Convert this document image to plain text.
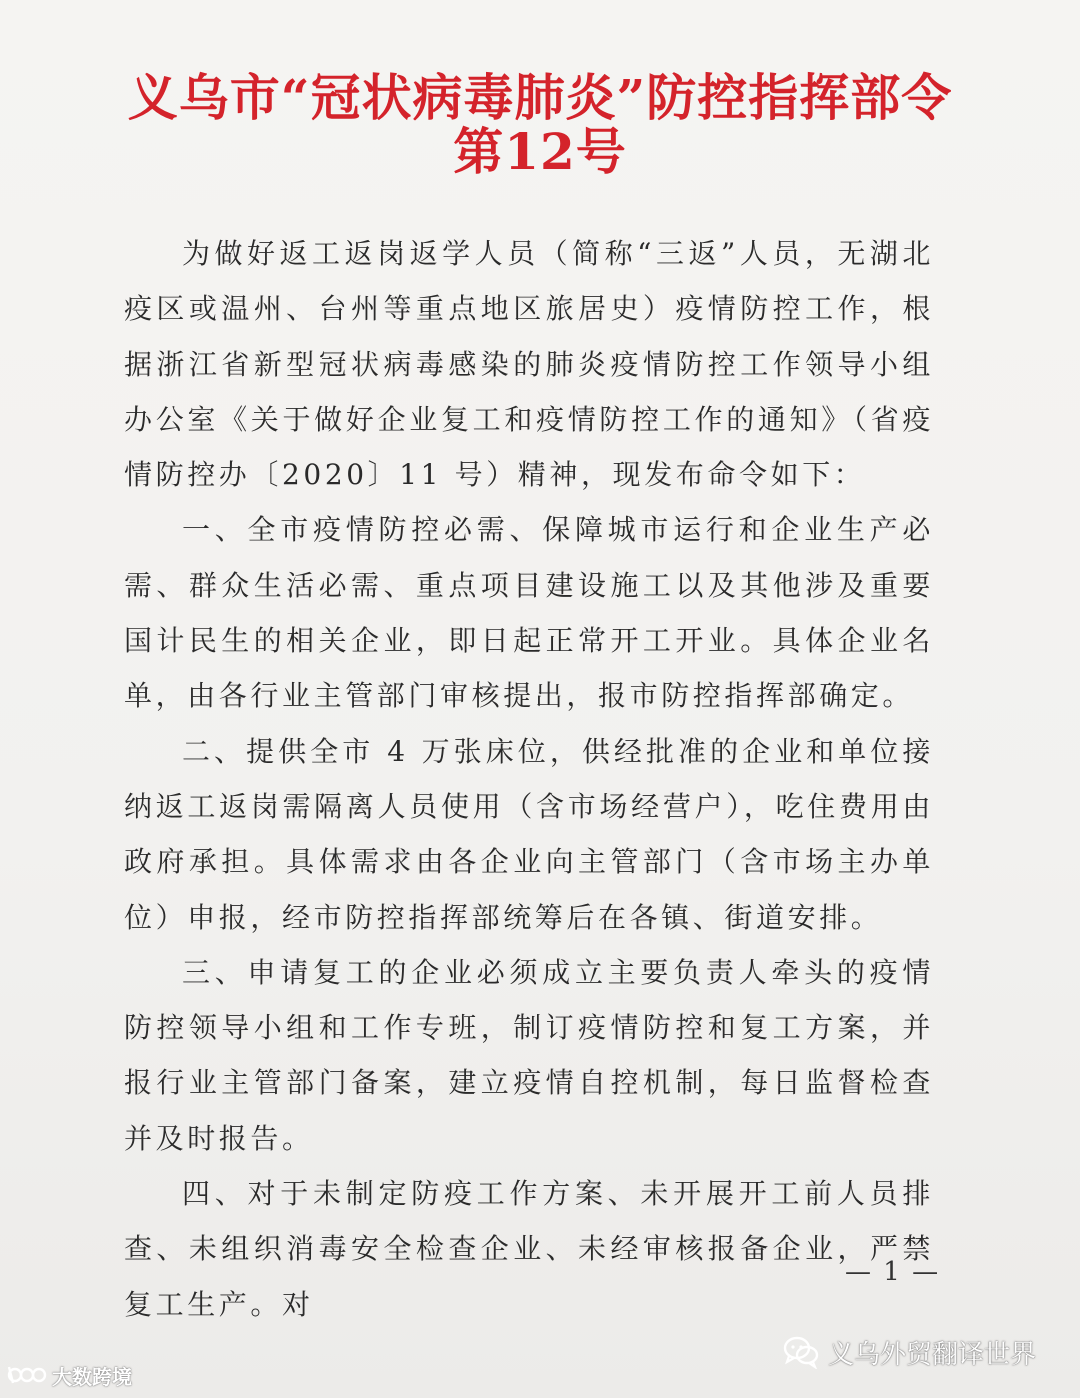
义乌市“冠状病毒肺炎”防控指挥部令
第12号

为做好返工返岗返学人员（简称“三返”人员，无湖北疫区或温州、台州等重点地区旅居史）疫情防控工作，根据浙江省新型冠状病毒感染的肺炎疫情防控工作领导小组办公室《关于做好企业复工和疫情防控工作的通知》（省疫情防控办〔2020〕11 号）精神，现发布命令如下：

一、全市疫情防控必需、保障城市运行和企业生产必需、群众生活必需、重点项目建设施工以及其他涉及重要国计民生的相关企业，即日起正常开工开业。具体企业名单，由各行业主管部门审核提出，报市防控指挥部确定。

二、提供全市 4 万张床位，供经批准的企业和单位接纳返工返岗需隔离人员使用（含市场经营户），吃住费用由政府承担。具体需求由各企业向主管部门（含市场主办单位）申报，经市防控指挥部统筹后在各镇、街道安排。

三、申请复工的企业必须成立主要负责人牵头的疫情防控领导小组和工作专班，制订疫情防控和复工方案，并报行业主管部门备案，建立疫情自控机制，每日监督检查并及时报告。

四、对于未制定防疫工作方案、未开展开工前人员排查、未组织消毒安全检查企业、未经审核报备企业，严禁复工生产。对

— 1 —
大数跨境
义乌外贸翻译世界
